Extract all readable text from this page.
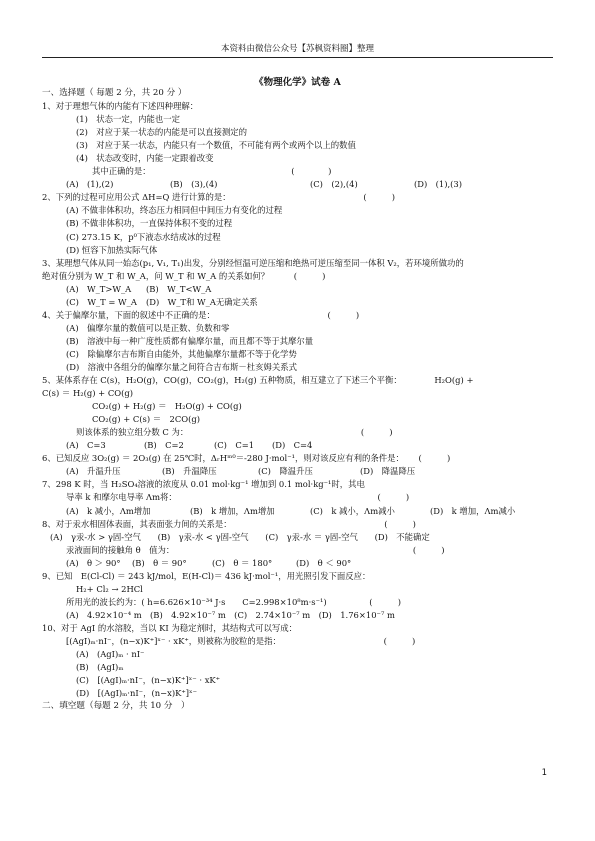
本资料由微信公众号【苏枫资料圈】整理
《物理化学》试卷 A
一、选择题（ 每题 2 分，共 20 分 ）
1、对于理想气体的内能有下述四种理解：
(1)　状态一定，内能也一定
(2)　对应于某一状态的内能是可以直接测定的
(3)　对应于某一状态，内能只有一个数值，不可能有两个或两个以上的数值
(4)　状态改变时，内能一定跟着改变
其中正确的是：	(　　　　)
(A)　(1),(2)	(B)　(3),(4)	(C)　(2),(4)	(D)　(1),(3)
2、下列的过程可应用公式 ΔH=Q 进行计算的是：	(　　　)
(A) 不做非体积功，终态压力相同但中间压力有变化的过程
(B) 不做非体积功，一直保持体积不变的过程
(C) 273.15 K，p⁰下液态水结成冰的过程
(D) 恒容下加热实际气体
3、某理想气体从同一始态(p₁, V₁, T₁)出发，分别经恒温可逆压缩和绝热可逆压缩至同一体积 V₂，若环境所做功的
绝对值分别为 W_T 和 W_A，问 W_T 和 W_A 的关系如何？	(　　　)
(A)　W_T>W_A	(B)　W_T<W_A
(C)　W_T = W_A	(D)　W_T和 W_A无确定关系
4、关于偏摩尔量，下面的叙述中不正确的是：	(　　　)
(A)　偏摩尔量的数值可以是正数、负数和零
(B)　溶液中每一种广度性质都有偏摩尔量，而且都不等于其摩尔量
(C)　除偏摩尔吉布斯自由能外，其他偏摩尔量都不等于化学势
(D)　溶液中各组分的偏摩尔量之间符合吉布斯－杜亥姆关系式
5、某体系存在 C(s)，H₂O(g)，CO(g)，CO₂(g)，H₂(g) 五种物质，相互建立了下述三个平衡：	H₂O(g) +
C(s) ＝ H₂(g) + CO(g)
CO₂(g) + H₂(g) ＝　H₂O(g) + CO(g)
CO₂(g) + C(s) ＝　2CO(g)
则该体系的独立组分数 C 为：	(　　　)
(A)　C=3	(B)　C=2	(C)　C=1	(D)　C=4
6、已知反应 3O₂(g) ＝ 2O₃(g) 在 25℃时，ΔᵣHᵐ⁰＝-280 J·mol⁻¹，则对该反应有利的条件是： (　　　)
(A)　升温升压	(B)　升温降压	(C)　降温升压	(D)　降温降压
7、298 K 时，当 H₂SO₄溶液的浓度从 0.01 mol·kg⁻¹ 增加到 0.1 mol·kg⁻¹时，其电
导率 k 和摩尔电导率 Λm将：	(　　　)
(A)　k 减小，Λm增加	(B)　k 增加，Λm增加	(C)　k 减小，Λm减小	(D)　k 增加，Λm减小
8、对于汞水相固体表面，其表面张力间的关系是：	(　　　)
(A)　γ汞-水 > γ固-空气　　(B)　γ汞-水 < γ固-空气　　(C)　γ汞-水 ＝ γ固-空气　　(D)　不能确定
汞液面间的接触角 θ　值为：	(　　　)
(A)　θ ＞ 90°	(B)　θ ＝ 90°	(C)　θ ＝ 180°	(D)　θ ＜ 90°
9、已知　E(Cl-Cl) ＝ 243 kJ/mol，E(H-Cl)＝ 436 kJ·mol⁻¹，用光照引发下面反应：
H₂+ Cl₂ → 2HCl
所用光的波长约为：( h=6.626×10⁻³⁴ J·s　　C=2.998×10⁸m·s⁻¹)	(　　　)
(A)　4.92×10⁻⁴ m　(B)　4.92×10⁻⁷ m　(C)　2.74×10⁻⁷ m　(D)　1.76×10⁻⁷ m
10、对于 AgI 的水溶胶，当以 KI 为稳定剂时，其结构式可以写成：
[(AgI)ₘ·nI⁻，(n−x)K⁺]ˣ⁻ · xK⁺，则被称为胶粒的是指：	(　　　)
(A)　(AgI)ₘ · nI⁻
(B)　(AgI)ₘ
(C)　[(AgI)ₘ·nI⁻，(n−x)K⁺]ˣ⁻ · xK⁺
(D)　[(AgI)ₘ·nI⁻，(n−x)K⁺]ˣ⁻
二、填空题（每题 2 分，共 10 分　）
1
